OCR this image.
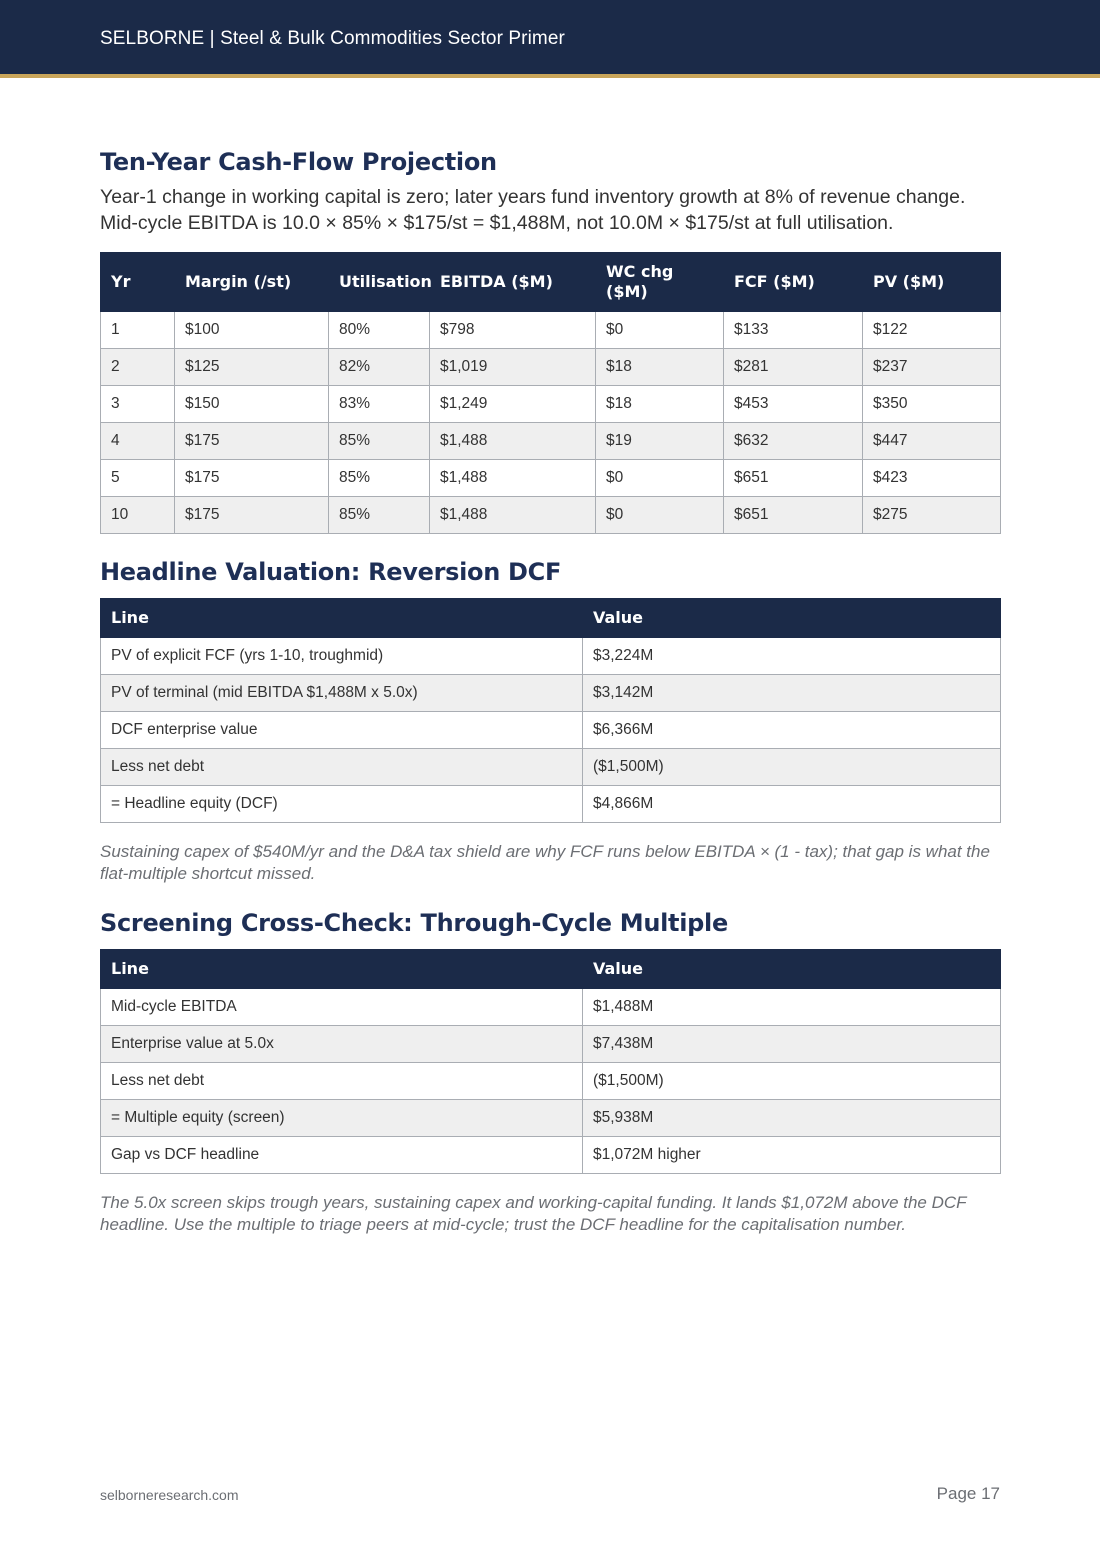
SELBORNE | Steel & Bulk Commodities Sector Primer
Ten-Year Cash-Flow Projection

Year-1 change in working capital is zero; later years fund inventory growth at 8% of revenue change. Mid-cycle EBITDA is 10.0 × 85% × $175/st = $1,488M, not 10.0M × $175/st at full utilisation.

Yr	Margin (/st)	Utilisation	EBITDA ($M)	WC chg ($M)	FCF ($M)	PV ($M)
1	$100	80%	$798	$0	$133	$122
2	$125	82%	$1,019	$18	$281	$237
3	$150	83%	$1,249	$18	$453	$350
4	$175	85%	$1,488	$19	$632	$447
5	$175	85%	$1,488	$0	$651	$423
10	$175	85%	$1,488	$0	$651	$275
Headline Valuation: Reversion DCF
Line	Value
PV of explicit FCF (yrs 1-10, troughmid)	$3,224M
PV of terminal (mid EBITDA $1,488M x 5.0x)	$3,142M
DCF enterprise value	$6,366M
Less net debt	($1,500M)
= Headline equity (DCF)	$4,866M

Sustaining capex of $540M/yr and the D&A tax shield are why FCF runs below EBITDA × (1 - tax); that gap is what the flat-multiple shortcut missed.

Screening Cross-Check: Through-Cycle Multiple
Line	Value
Mid-cycle EBITDA	$1,488M
Enterprise value at 5.0x	$7,438M
Less net debt	($1,500M)
= Multiple equity (screen)	$5,938M
Gap vs DCF headline	$1,072M higher

The 5.0x screen skips trough years, sustaining capex and working-capital funding. It lands $1,072M above the DCF headline. Use the multiple to triage peers at mid-cycle; trust the DCF headline for the capitalisation number.

selborneresearch.com	Page 17
